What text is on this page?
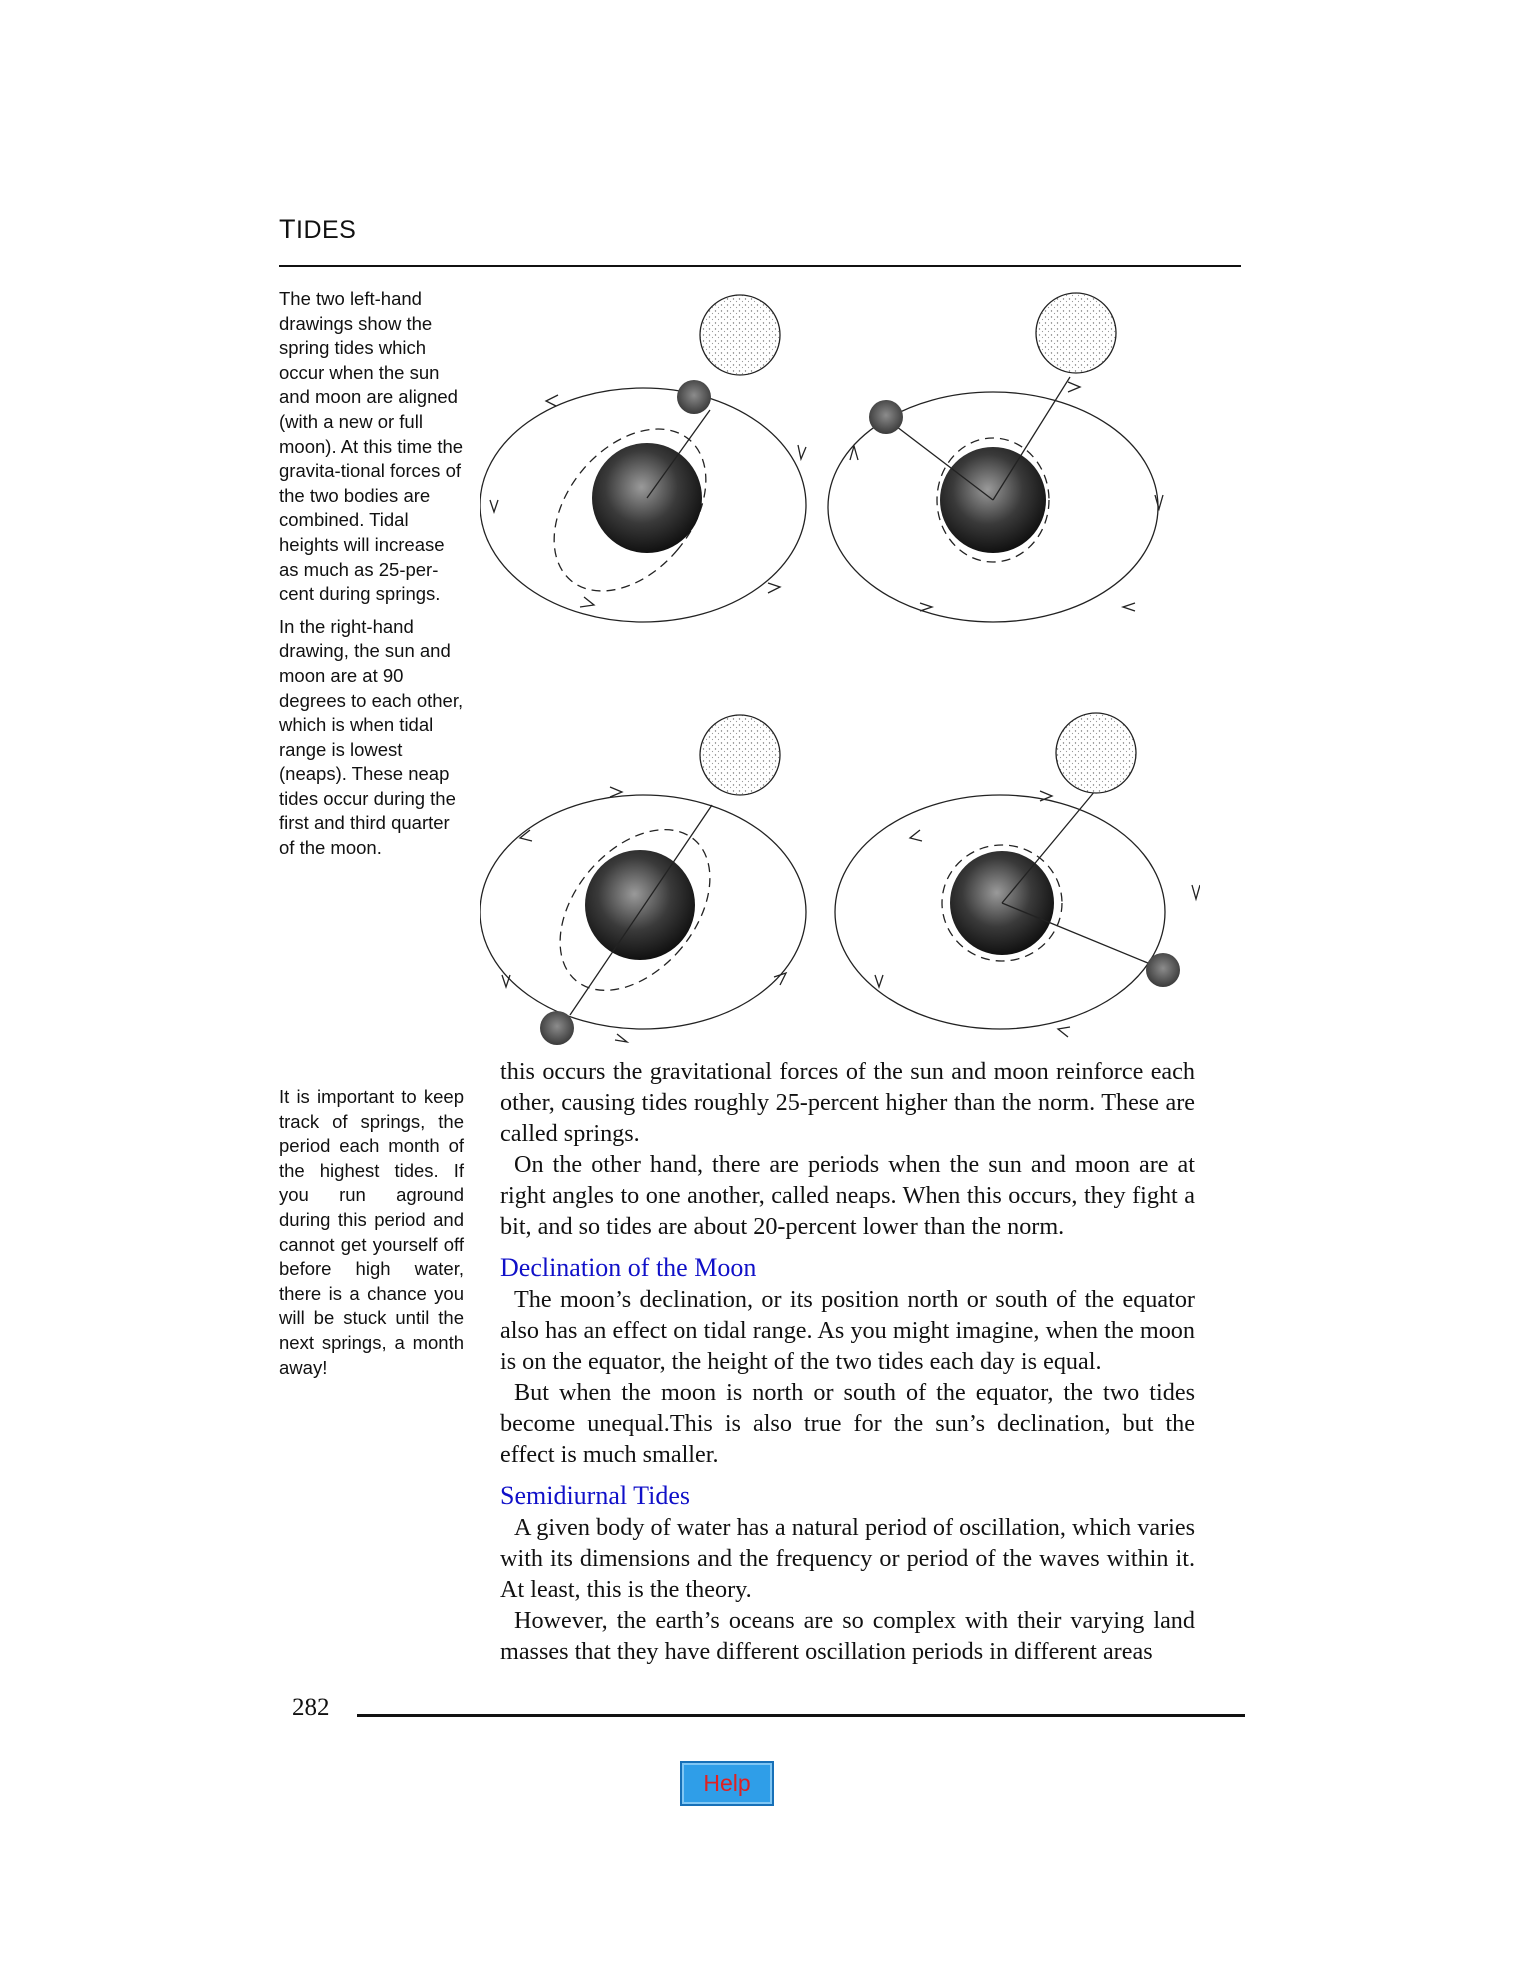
TIDES

The two left-hand drawings show the spring tides which occur when the sun and moon are aligned (with a new or full moon). At this time the gravita-tional forces of the two bodies are combined. Tidal heights will increase as much as 25-per-cent during springs.

In the right-hand drawing, the sun and moon are at 90 degrees to each other, which is when tidal range is lowest (neaps). These neap tides occur during the first and third quarter of the moon.

It is important to keep track of springs, the period each month of the highest tides. If you run aground during this period and cannot get yourself off before high water, there is a chance you will be stuck until the next springs, a month away!

this occurs the gravitational forces of the sun and moon reinforce each other, causing tides roughly 25-percent higher than the norm. These are called springs.

On the other hand, there are periods when the sun and moon are at right angles to one another, called neaps. When this occurs, they fight a bit, and so tides are about 20-percent lower than the norm.

Declination of the Moon

The moon’s declination, or its position north or south of the equator also has an effect on tidal range. As you might imagine, when the moon is on the equator, the height of the two tides each day is equal.

But when the moon is north or south of the equator, the two tides become unequal.This is also true for the sun’s declination, but the effect is much smaller.

Semidiurnal Tides

A given body of water has a natural period of oscillation, which varies with its dimensions and the frequency or period of the waves within it. At least, this is the theory.

However, the earth’s oceans are so complex with their varying land masses that they have different oscillation periods in different areas

282
Help
